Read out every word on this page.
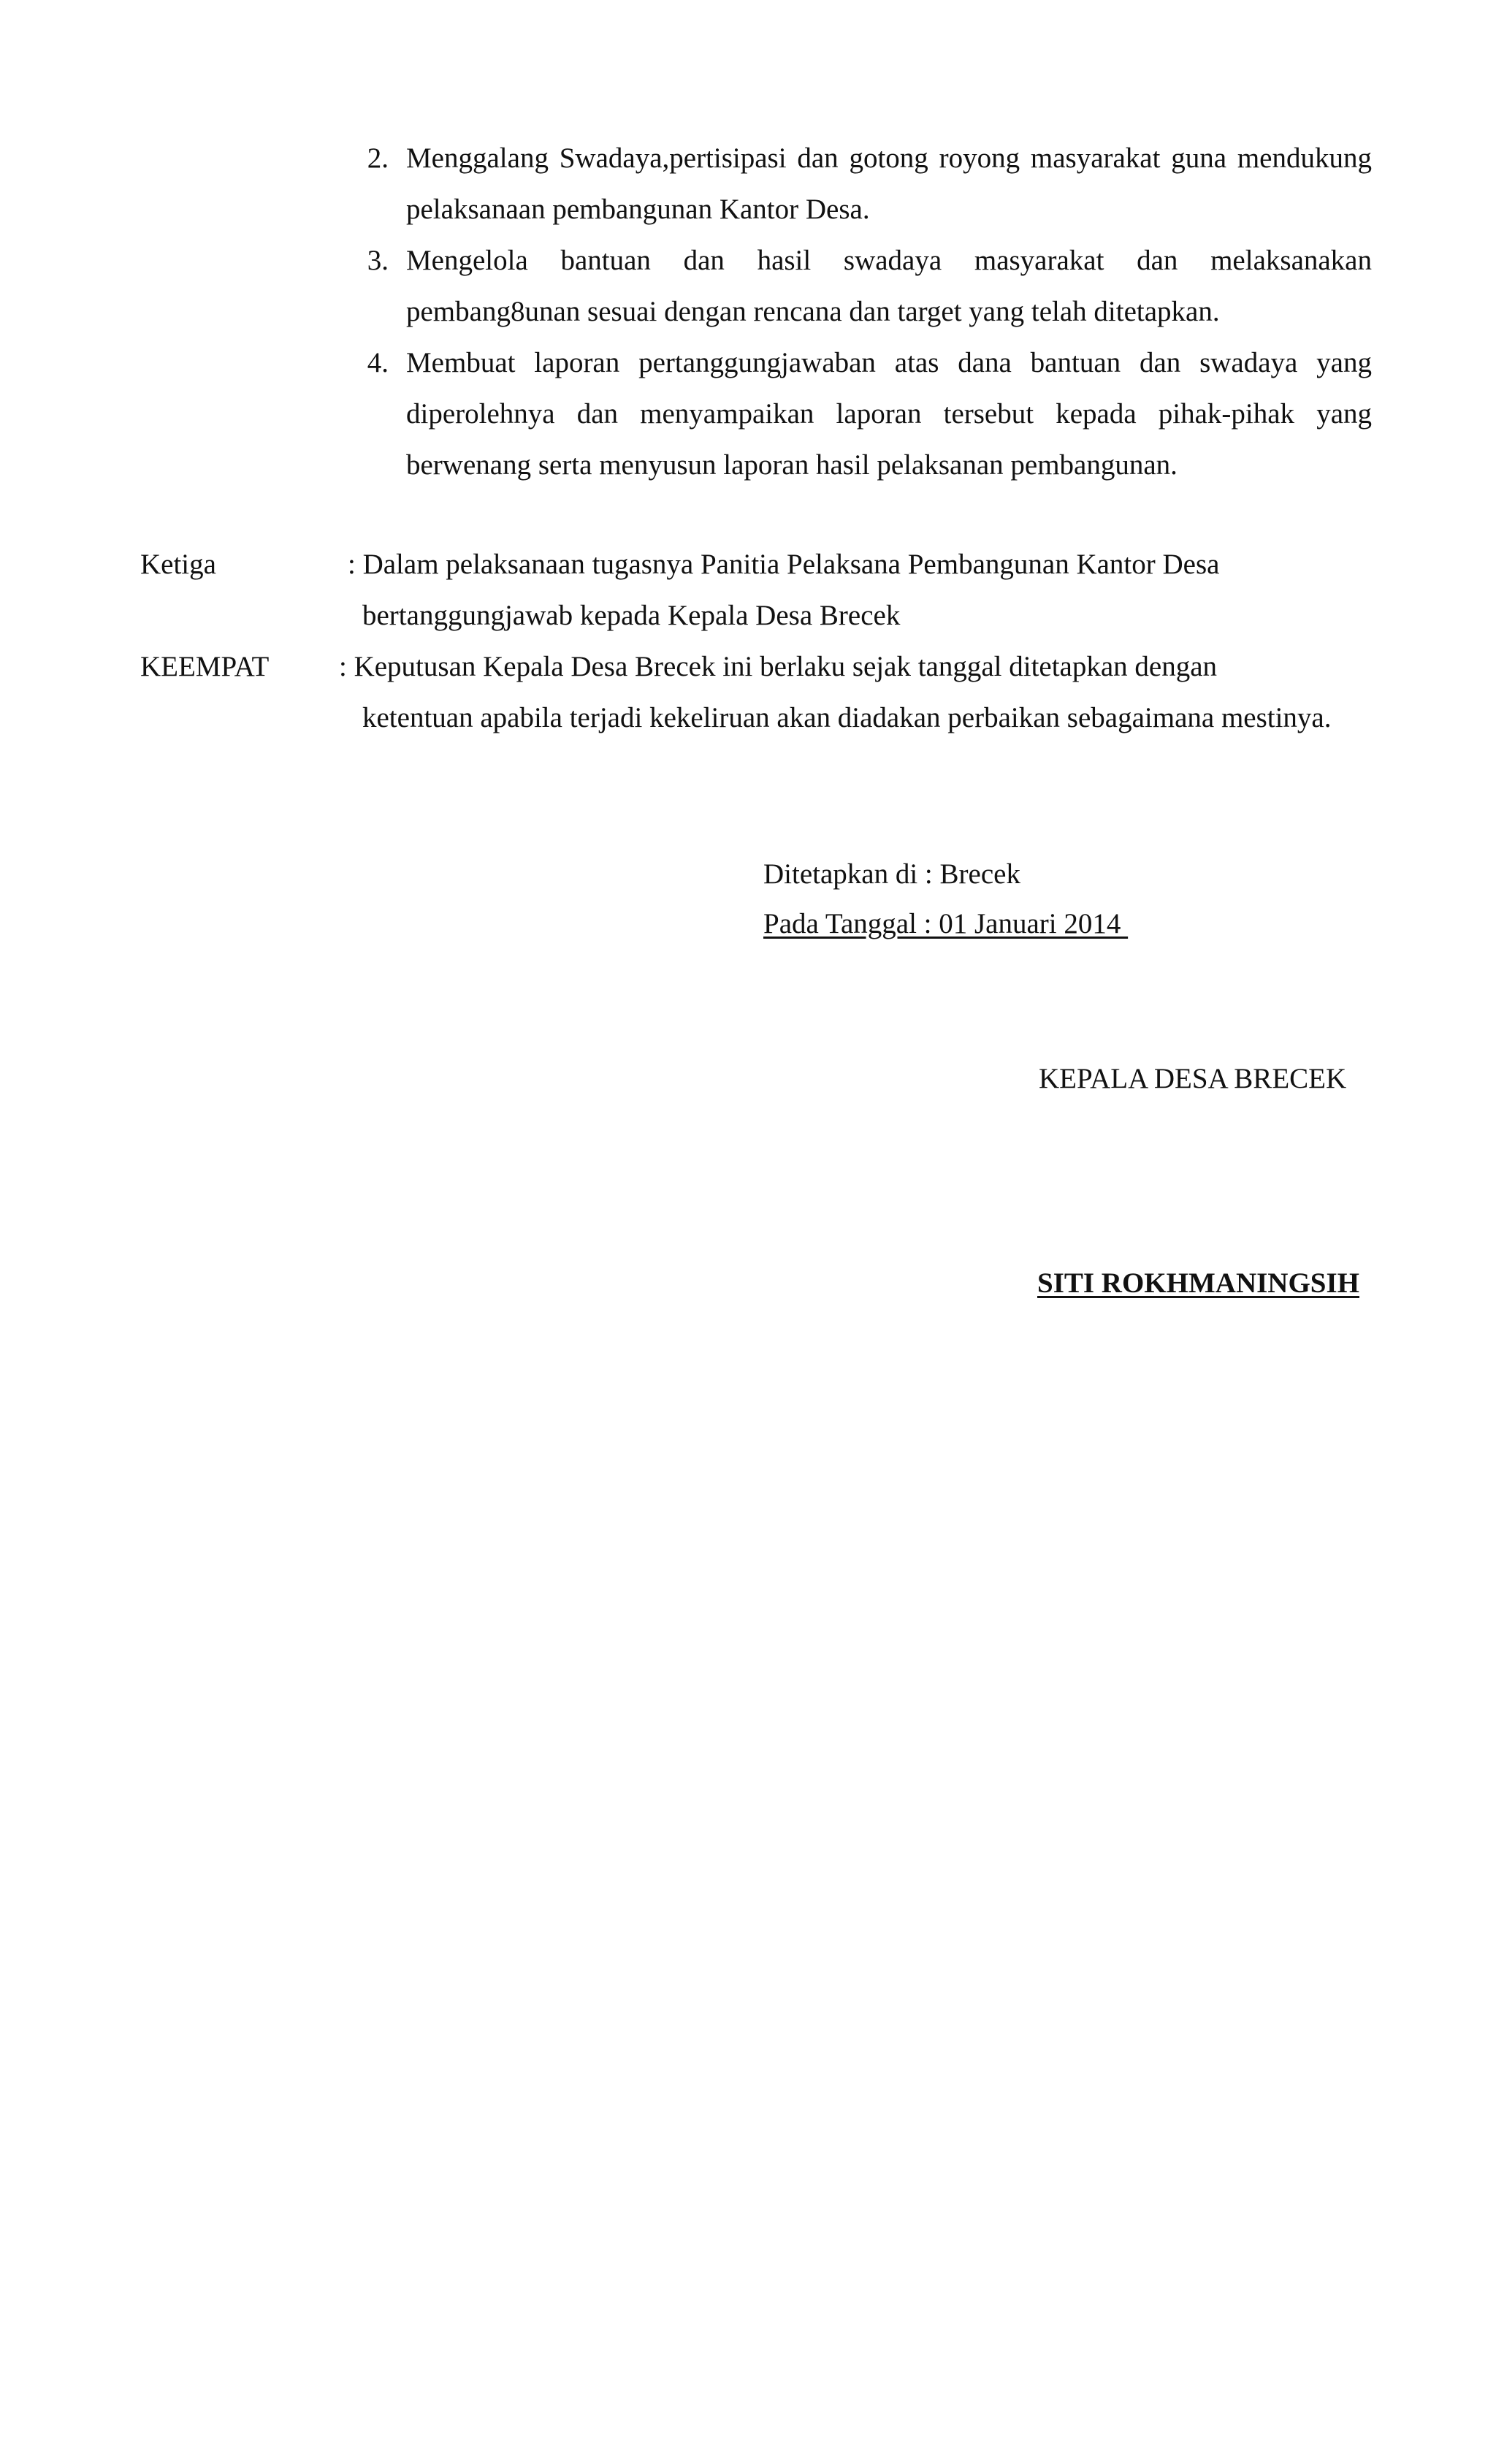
2. Menggalang Swadaya,pertisipasi dan gotong royong masyarakat guna mendukung pelaksanaan pembangunan Kantor Desa.
3. Mengelola bantuan dan hasil swadaya masyarakat dan melaksanakan pembang8unan sesuai dengan rencana dan target yang telah ditetapkan.
4. Membuat laporan pertanggungjawaban atas dana bantuan dan swadaya yang diperolehnya dan menyampaikan laporan tersebut kepada pihak-pihak yang berwenang serta menyusun laporan hasil pelaksanan pembangunan.
Ketiga	: Dalam pelaksanaan tugasnya Panitia Pelaksana Pembangunan Kantor Desa
bertanggungjawab kepada Kepala Desa Brecek
KEEMPAT : Keputusan Kepala Desa Brecek ini berlaku sejak tanggal ditetapkan dengan
ketentuan apabila terjadi kekeliruan akan diadakan perbaikan sebagaimana mestinya.
Ditetapkan di : Brecek
Pada Tanggal : 01 Januari 2014
KEPALA DESA BRECEK
SITI ROKHMANINGSIH
